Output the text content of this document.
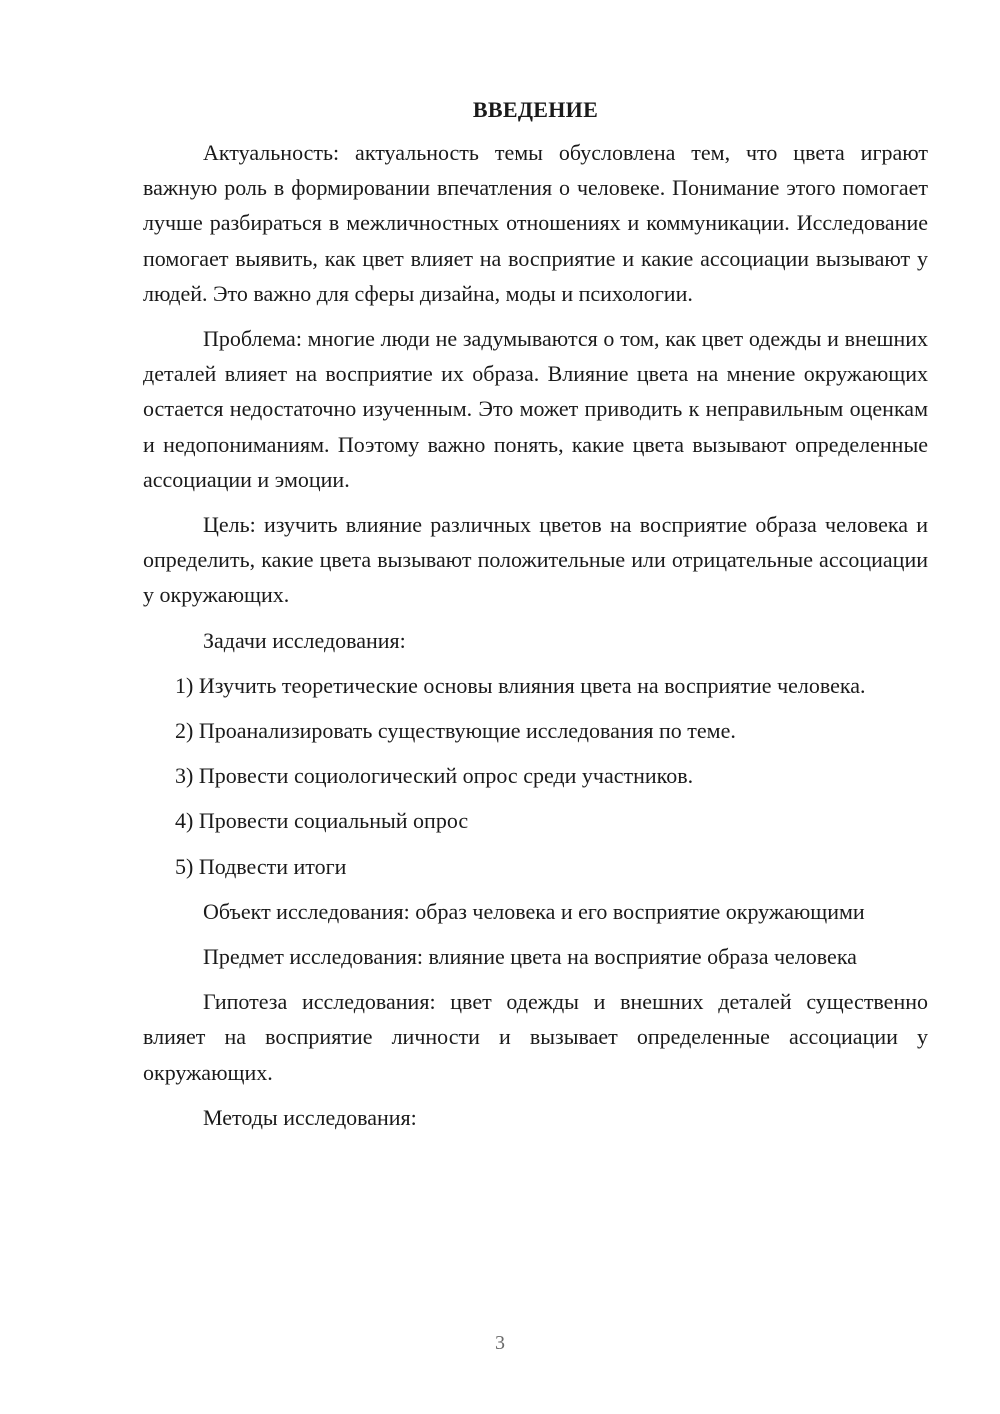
ВВЕДЕНИЕ

Актуальность: актуальность темы обусловлена тем, что цвета играют важную роль в формировании впечатления о человеке. Понимание этого помогает лучше разбираться в межличностных отношениях и коммуникации. Исследование помогает выявить, как цвет влияет на восприятие и какие ассоциации вызывают у людей. Это важно для сферы дизайна, моды и психологии.

Проблема: многие люди не задумываются о том, как цвет одежды и внешних деталей влияет на восприятие их образа. Влияние цвета на мнение окружающих остается недостаточно изученным. Это может приводить к неправильным оценкам и недопониманиям. Поэтому важно понять, какие цвета вызывают определенные ассоциации и эмоции.

Цель: изучить влияние различных цветов на восприятие образа человека и определить, какие цвета вызывают положительные или отрицательные ассоциации у окружающих.

Задачи исследования:

1) Изучить теоретические основы влияния цвета на восприятие человека.

2) Проанализировать существующие исследования по теме.

3) Провести социологический опрос среди участников.

4) Провести социальный опрос

5) Подвести итоги

Объект исследования: образ человека и его восприятие окружающими

Предмет исследования: влияние цвета на восприятие образа человека

Гипотеза исследования: цвет одежды и внешних деталей существенно влияет на восприятие личности и вызывает определенные ассоциации у окружающих.

Методы исследования:

3
